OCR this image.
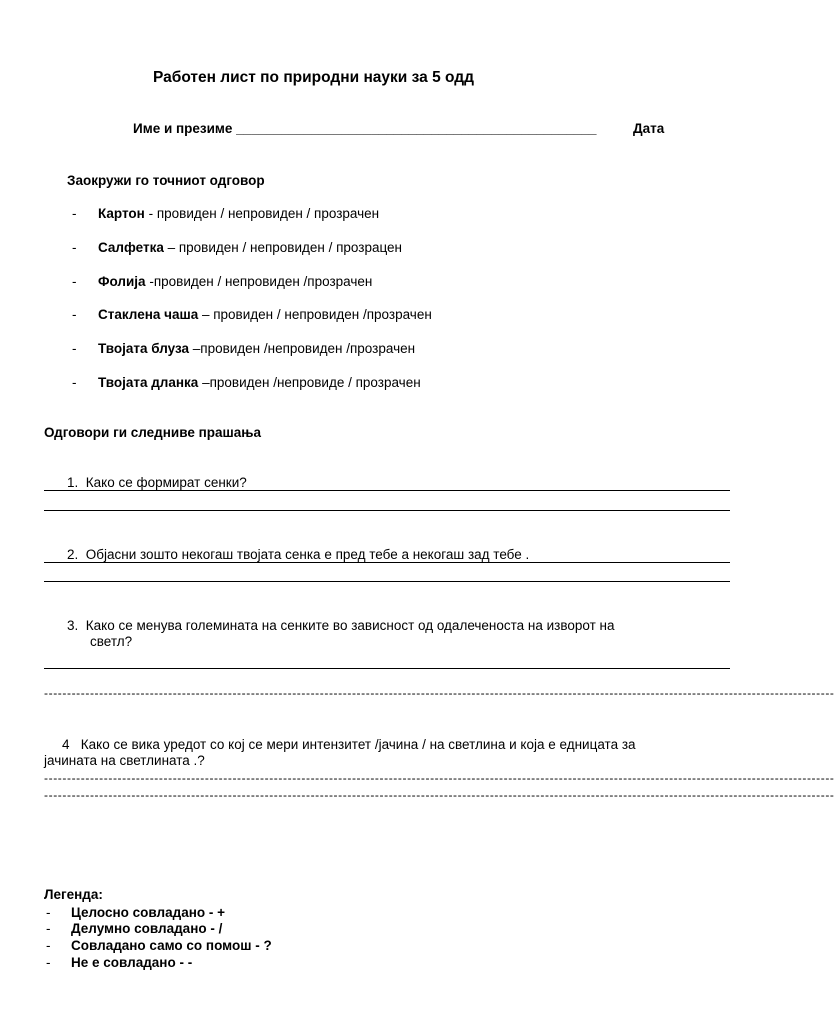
Работен лист по природни науки за 5 одд
Име и презиме ________________________________________________	Дата
Заокружи го точниот одговор
- Картон - провиден / непровиден / прозрачен
- Салфетка – провиден / непровиден / прозрацен
- Фолија -провиден / непровиден /прозрачен
- Стаклена чаша – провиден / непровиден /прозрачен
- Твојата блуза –провиден /непровиден /прозрачен
- Твојата дланка –провиден /непровиде / прозрачен
Одговори ги следниве прашања
1. Како се формират сенки?
2. Објасни зошто некогаш твојата сенка е пред тебе а некогаш зад тебе .
3. Како се менува големината на сенките во зависност од одалеченоста на изворот на
светл?
----------------------------------------------------------------------------------------------------------------------------------------------------------------------------
4 Како се вика уредот со кој се мери интензитет /јачина / на светлина и која е едницата за
јачината на светлината .?
----------------------------------------------------------------------------------------------------------------------------------------------------------------------------
----------------------------------------------------------------------------------------------------------------------------------------------------------------------------
Легенда:
- Целосно совладано - +
- Делумно совладано - /
- Совладано само со помош - ?
- Не е совладано - -
